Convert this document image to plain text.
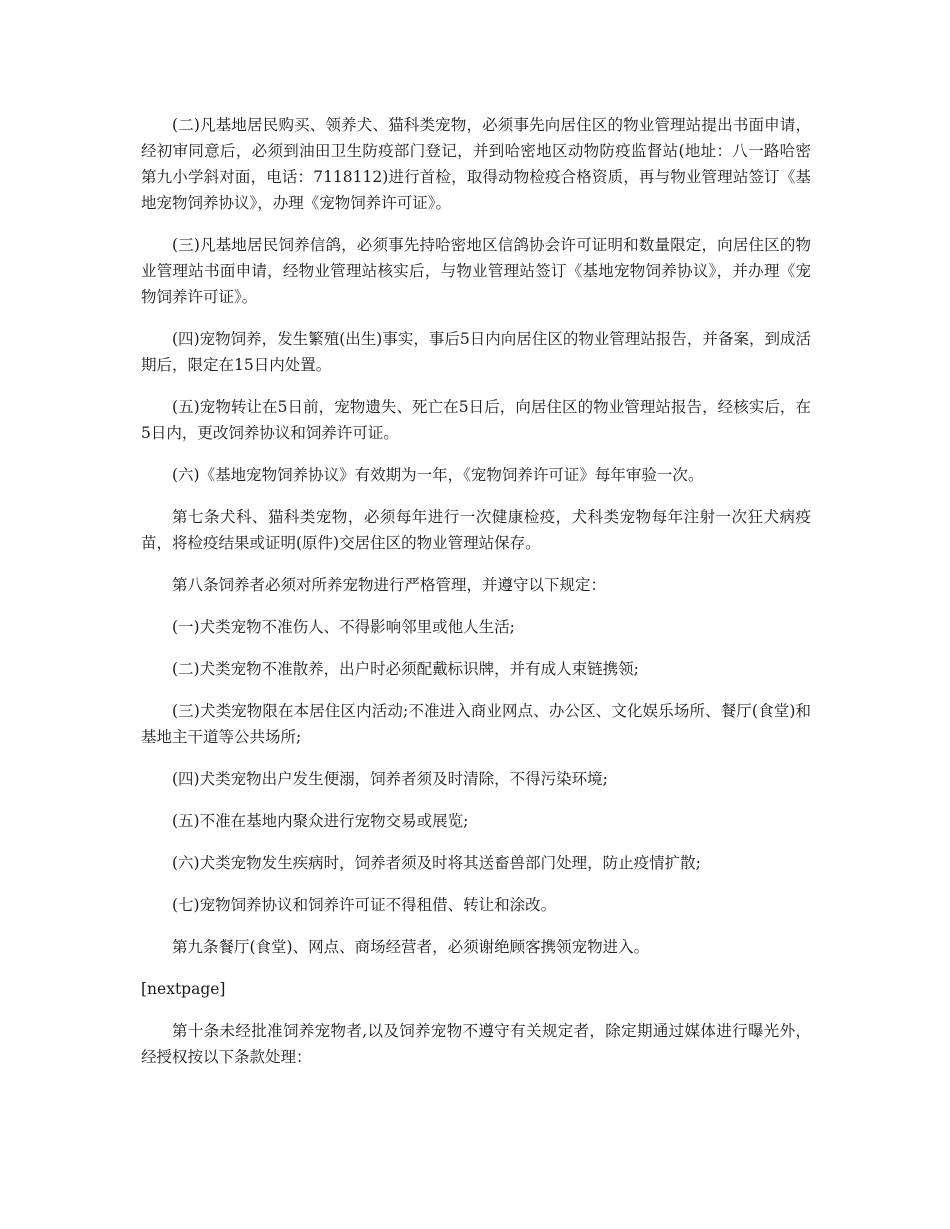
(二)凡基地居民购买、领养犬、猫科类宠物，必须事先向居住区的物业管理站提出书面申请，经初审同意后，必须到油田卫生防疫部门登记，并到哈密地区动物防疫监督站(地址：八一路哈密第九小学斜对面，电话：7118112)进行首检，取得动物检疫合格资质，再与物业管理站签订《基地宠物饲养协议》，办理《宠物饲养许可证》。

(三)凡基地居民饲养信鸽，必须事先持哈密地区信鸽协会许可证明和数量限定，向居住区的物业管理站书面申请，经物业管理站核实后，与物业管理站签订《基地宠物饲养协议》，并办理《宠物饲养许可证》。

(四)宠物饲养，发生繁殖(出生)事实，事后5日内向居住区的物业管理站报告，并备案，到成活期后，限定在15日内处置。

(五)宠物转让在5日前，宠物遗失、死亡在5日后，向居住区的物业管理站报告，经核实后，在5日内，更改饲养协议和饲养许可证。

(六)《基地宠物饲养协议》有效期为一年，《宠物饲养许可证》每年审验一次。

第七条犬科、猫科类宠物，必须每年进行一次健康检疫，犬科类宠物每年注射一次狂犬病疫苗，将检疫结果或证明(原件)交居住区的物业管理站保存。

第八条饲养者必须对所养宠物进行严格管理，并遵守以下规定：

(一)犬类宠物不准伤人、不得影响邻里或他人生活;

(二)犬类宠物不准散养，出户时必须配戴标识牌，并有成人束链携领;

(三)犬类宠物限在本居住区内活动;不准进入商业网点、办公区、文化娱乐场所、餐厅(食堂)和基地主干道等公共场所;

(四)犬类宠物出户发生便溺，饲养者须及时清除，不得污染环境;

(五)不准在基地内聚众进行宠物交易或展览;

(六)犬类宠物发生疾病时，饲养者须及时将其送畜兽部门处理，防止疫情扩散;

(七)宠物饲养协议和饲养许可证不得租借、转让和涂改。

第九条餐厅(食堂)、网点、商场经营者，必须谢绝顾客携领宠物进入。

[nextpage]

第十条未经批准饲养宠物者,以及饲养宠物不遵守有关规定者，除定期通过媒体进行曝光外，经授权按以下条款处理：
